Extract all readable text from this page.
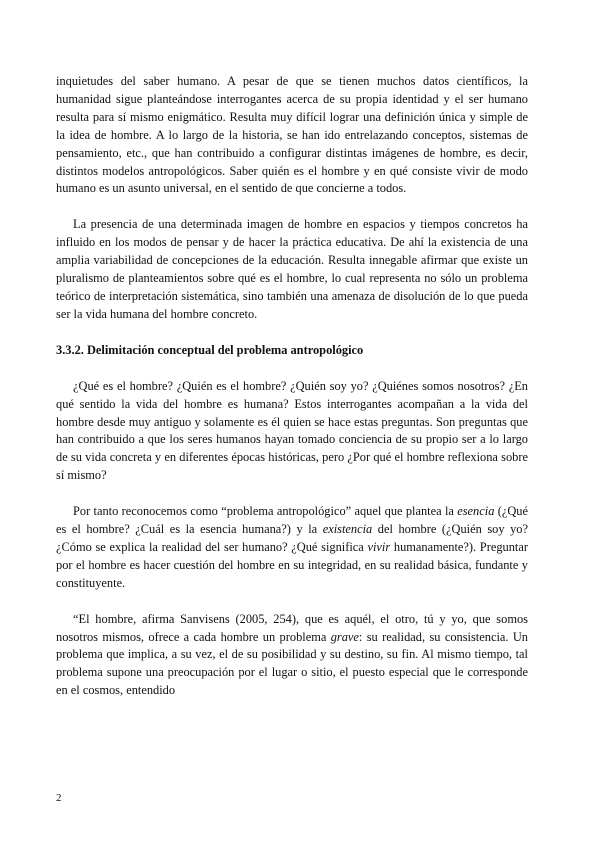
inquietudes del saber humano. A pesar de que se tienen muchos datos científicos, la humanidad sigue planteándose interrogantes acerca de su propia identidad y el ser humano resulta para sí mismo enigmático. Resulta muy difícil lograr una definición única y simple de la idea de hombre. A lo largo de la historia, se han ido entrelazando conceptos, sistemas de pensamiento, etc., que han contribuido a configurar distintas imágenes de hombre, es decir, distintos modelos antropológicos. Saber quién es el hombre y en qué consiste vivir de modo humano es un asunto universal, en el sentido de que concierne a todos.

La presencia de una determinada imagen de hombre en espacios y tiempos concretos ha influido en los modos de pensar y de hacer la práctica educativa. De ahí la existencia de una amplia variabilidad de concepciones de la educación. Resulta innegable afirmar que existe un pluralismo de planteamientos sobre qué es el hombre, lo cual representa no sólo un problema teórico de interpretación sistemática, sino también una amenaza de disolución de lo que pueda ser la vida humana del hombre concreto.

3.3.2. Delimitación conceptual del problema antropológico

¿Qué es el hombre? ¿Quién es el hombre? ¿Quién soy yo? ¿Quiénes somos nosotros? ¿En qué sentido la vida del hombre es humana? Estos interrogantes acompañan a la vida del hombre desde muy antiguo y solamente es él quien se hace estas preguntas. Son preguntas que han contribuido a que los seres humanos hayan tomado conciencia de su propio ser a lo largo de su vida concreta y en diferentes épocas históricas, pero ¿Por qué el hombre reflexiona sobre sí mismo?

Por tanto reconocemos como “problema antropológico” aquel que plantea la esencia (¿Qué es el hombre? ¿Cuál es la esencia humana?) y la existencia del hombre (¿Quién soy yo? ¿Cómo se explica la realidad del ser humano? ¿Qué significa vivir humanamente?). Preguntar por el hombre es hacer cuestión del hombre en su integridad, en su realidad básica, fundante y constituyente.

“El hombre, afirma Sanvisens (2005, 254), que es aquél, el otro, tú y yo, que somos nosotros mismos, ofrece a cada hombre un problema grave: su realidad, su consistencia. Un problema que implica, a su vez, el de su posibilidad y su destino, su fin. Al mismo tiempo, tal problema supone una preocupación por el lugar o sitio, el puesto especial que le corresponde en el cosmos, entendido

2
